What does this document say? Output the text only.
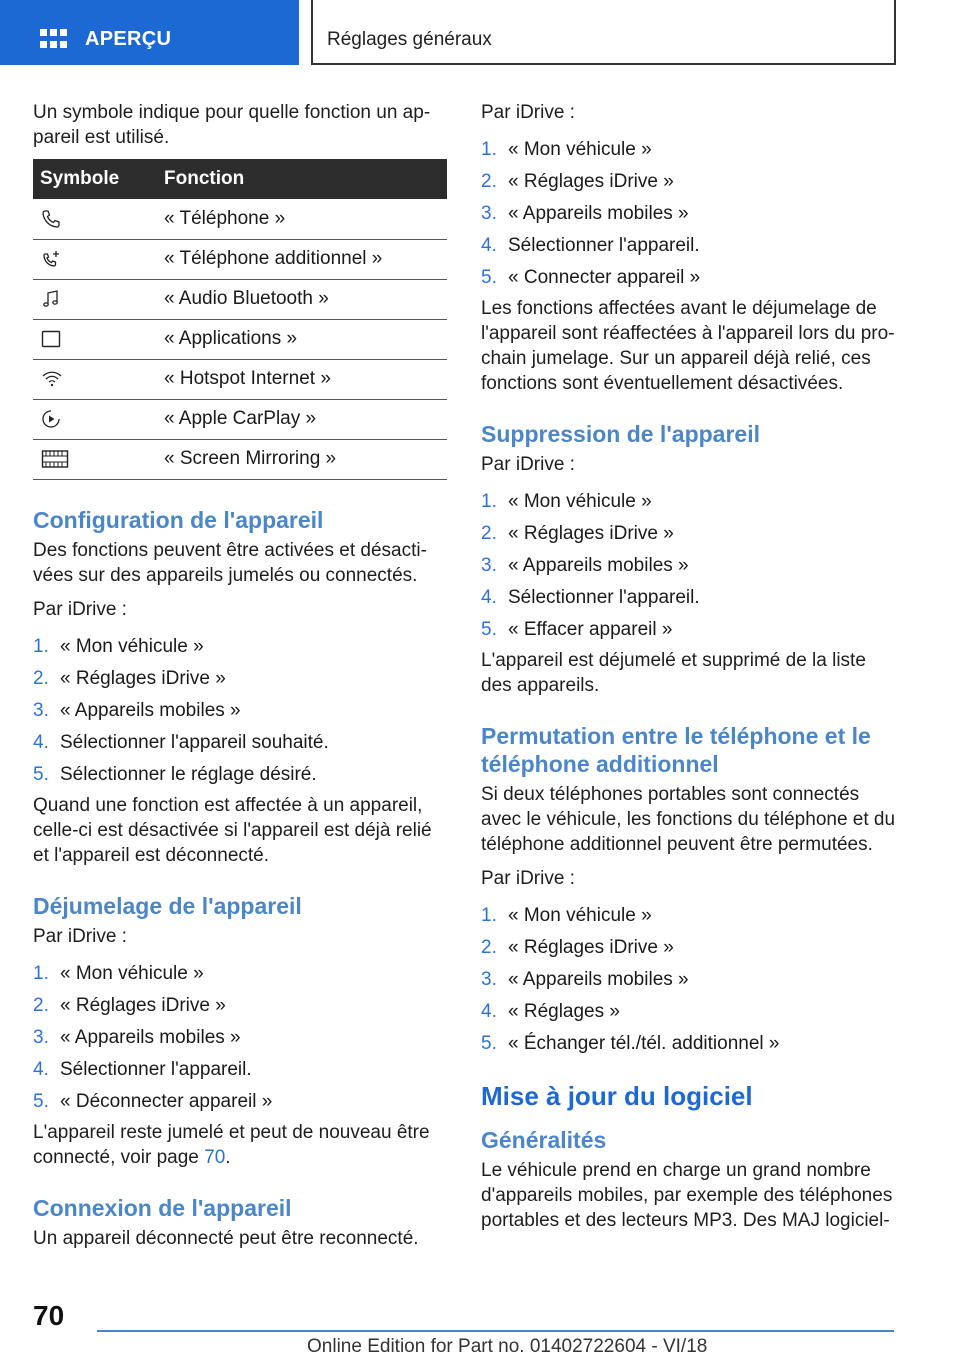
APERÇU	Réglages généraux

Un symbole indique pour quelle fonction un ap-pareil est utilisé.

Symbole	Fonction

	« Téléphone »

	« Téléphone additionnel »

	« Audio Bluetooth »

	« Applications »

	« Hotspot Internet »

	« Apple CarPlay »

	« Screen Mirroring »
Configuration de l'appareil

Des fonctions peuvent être activées et désacti-vées sur des appareils jumelés ou connectés.

Par iDrive :

1. « Mon véhicule »
2. « Réglages iDrive »
3. « Appareils mobiles »
4. Sélectionner l'appareil souhaité.
5. Sélectionner le réglage désiré.

Quand une fonction est affectée à un appareil, celle-ci est désactivée si l'appareil est déjà relié et l'appareil est déconnecté.

Déjumelage de l'appareil

Par iDrive :

1. « Mon véhicule »
2. « Réglages iDrive »
3. « Appareils mobiles »
4. Sélectionner l'appareil.
5. « Déconnecter appareil »

L'appareil reste jumelé et peut de nouveau être connecté, voir page 70.

Connexion de l'appareil

Un appareil déconnecté peut être reconnecté.

Par iDrive :

1. « Mon véhicule »
2. « Réglages iDrive »
3. « Appareils mobiles »
4. Sélectionner l'appareil.
5. « Connecter appareil »

Les fonctions affectées avant le déjumelage de l'appareil sont réaffectées à l'appareil lors du pro-chain jumelage. Sur un appareil déjà relié, ces fonctions sont éventuellement désactivées.

Suppression de l'appareil

Par iDrive :

1. « Mon véhicule »
2. « Réglages iDrive »
3. « Appareils mobiles »
4. Sélectionner l'appareil.
5. « Effacer appareil »

L'appareil est déjumelé et supprimé de la liste des appareils.

Permutation entre le téléphone et le téléphone additionnel

Si deux téléphones portables sont connectés avec le véhicule, les fonctions du téléphone et du téléphone additionnel peuvent être permutées.

Par iDrive :

1. « Mon véhicule »
2. « Réglages iDrive »
3. « Appareils mobiles »
4. « Réglages »
5. « Échanger tél./tél. additionnel »
Mise à jour du logiciel
Généralités

Le véhicule prend en charge un grand nombre d'appareils mobiles, par exemple des téléphones portables et des lecteurs MP3. Des MAJ logiciel-

70
Online Edition for Part no. 01402722604 - VI/18
